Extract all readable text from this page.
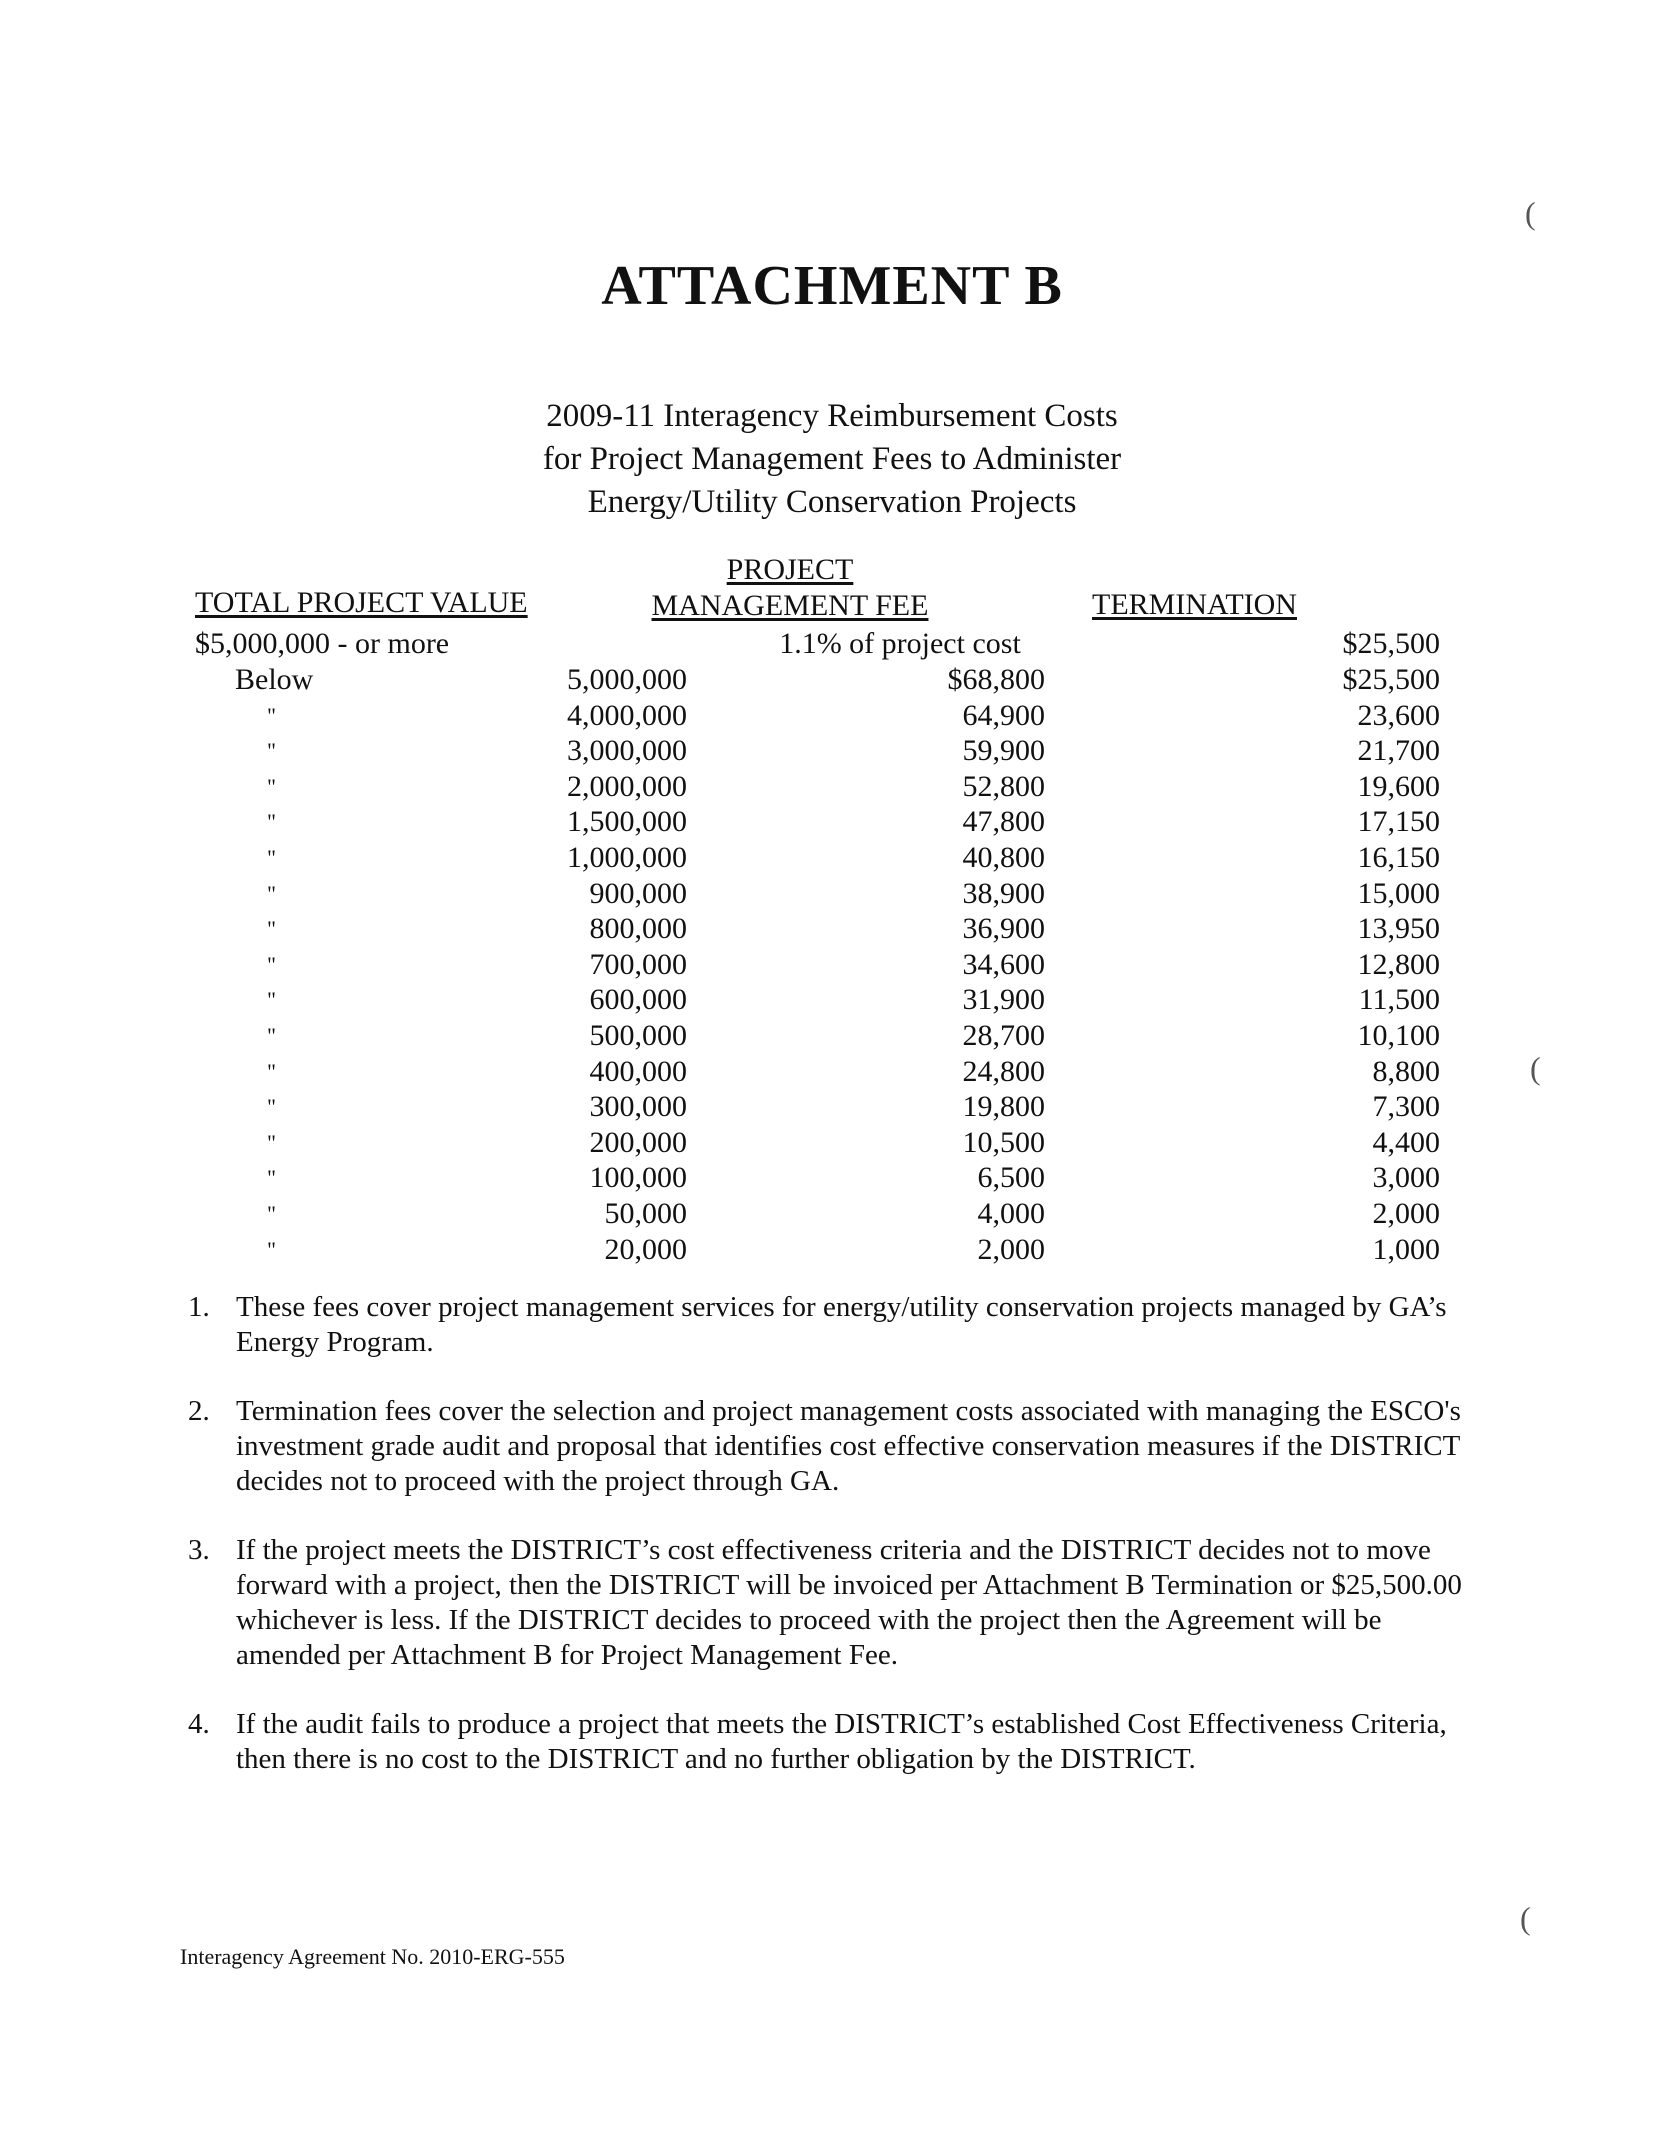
(
(
(
ATTACHMENT B
2009-11 Interagency Reimbursement Costs
for Project Management Fees to Administer
Energy/Utility Conservation Projects
TOTAL PROJECT VALUE
PROJECT
MANAGEMENT FEE	TERMINATION
$5,000,000 - or more	1.1% of project cost	$25,500
Below	5,000,000	$68,800	$25,500
"	4,000,000	64,900	23,600
"	3,000,000	59,900	21,700
"	2,000,000	52,800	19,600
"	1,500,000	47,800	17,150
"	1,000,000	40,800	16,150
"	900,000	38,900	15,000
"	800,000	36,900	13,950
"	700,000	34,600	12,800
"	600,000	31,900	11,500
"	500,000	28,700	10,100
"	400,000	24,800	8,800
"	300,000	19,800	7,300
"	200,000	10,500	4,400
"	100,000	6,500	3,000
"	50,000	4,000	2,000
"	20,000	2,000	1,000
1. These fees cover project management services for energy/utility conservation projects managed by GA’s Energy Program.
2. Termination fees cover the selection and project management costs associated with managing the ESCO's investment grade audit and proposal that identifies cost effective conservation measures if the DISTRICT decides not to proceed with the project through GA.
3. If the project meets the DISTRICT’s cost effectiveness criteria and the DISTRICT decides not to move forward with a project, then the DISTRICT will be invoiced per Attachment B Termination or $25,500.00 whichever is less. If the DISTRICT decides to proceed with the project then the Agreement will be amended per Attachment B for Project Management Fee.
4. If the audit fails to produce a project that meets the DISTRICT’s established Cost Effectiveness Criteria, then there is no cost to the DISTRICT and no further obligation by the DISTRICT.
Interagency Agreement No. 2010-ERG-555
